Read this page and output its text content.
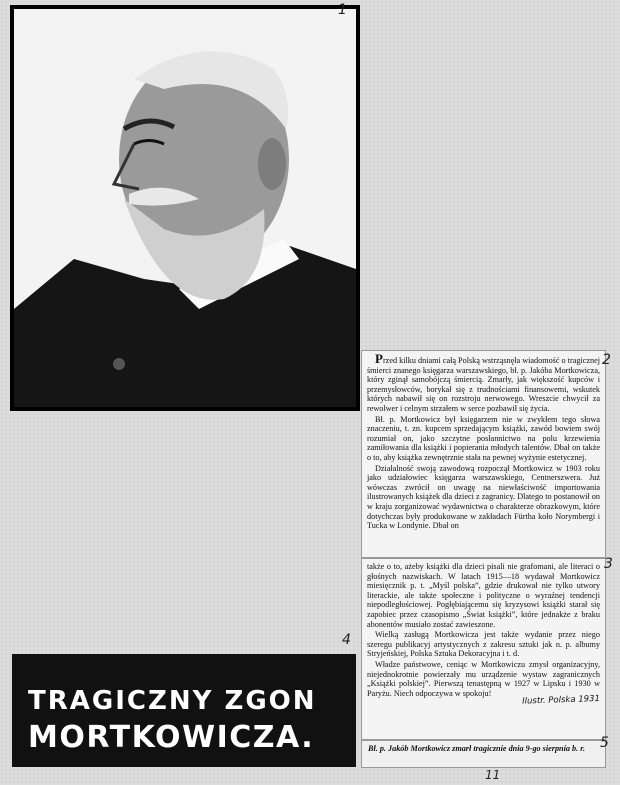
TRAGICZNY ZGON
MORTKOWICZA.

Przed kilku dniami całą Polską wstrząsnęła wiadomość o tragicznej śmierci znanego księgarza warszawskiego, bł. p. Jakóba Mortkowicza, który zginął samobójczą śmiercią. Zmarły, jak większość kupców i przemysłowców, borykał się z trudnościami finansowemi, wskutek których nabawił się on rozstroju nerwowego. Wreszcie chwycił za rewolwer i celnym strzałem w serce pozbawił się życia.

Bł. p. Mortkowicz był księgarzem nie w zwykłem tego słowa znaczeniu, t. zn. kupcem sprzedającym książki, zawód bowiem swój rozumiał on, jako szczytne posłannictwo na polu krzewienia zamiłowania dla książki i popierania młodych talentów. Dbał on także o to, aby książka zewnętrznie stała na pewnej wyżynie estetycznej.

Działalność swoją zawodową rozpoczął Mortkowicz w 1903 roku jako udziałowiec księgarza warszawskiego, Centnerszwera. Już wówczas zwrócił on uwagę na niewłaściwość importowania ilustrowanych książek dla dzieci z zagranicy. Dlatego to postanowił on w kraju zorganizować wydawnictwa o charakterze obrazkowym, które dotychczas były produkowane w zakładach Fürtha koło Norymbergi i Tucka w Londynie. Dbał on

także o to, ażeby książki dla dzieci pisali nie grafomani, ale literaci o głośnych nazwiskach. W latach 1915—18 wydawał Mortkowicz miesięcznik p. t. „Myśl polska”, gdzie drukował nie tylko utwory literackie, ale także społeczne i polityczne o wyraźnej tendencji niepodległościowej. Pogłębiającemu się kryzysowi książki starał się zapobiec przez czasopismo „Świat książki”, które jednakże z braku abonentów musiało zostać zawieszone.

Wielką zasługą Mortkowicza jest także wydanie przez niego szeregu publikacyj artystycznych z zakresu sztuki jak n. p. albumy Stryjeńskiej, Polska Sztuka Dekoracyjna i t. d.

Władze państwowe, ceniąc w Mortkowiczu zmysł organizacyjny, niejednokrotnie powierzały mu urządzenie wystaw zagranicznych „Książki polskiej”. Pierwszą tenastępną w 1927 w Lipsku i 1930 w Paryżu. Niech odpoczywa w spokoju!

Ilustr. Polska 1931
Bł. p. Jakób Mortkowicz zmarł tragicznie dnia 9-go sierpnia b. r.
1
2
3
4
5
11
